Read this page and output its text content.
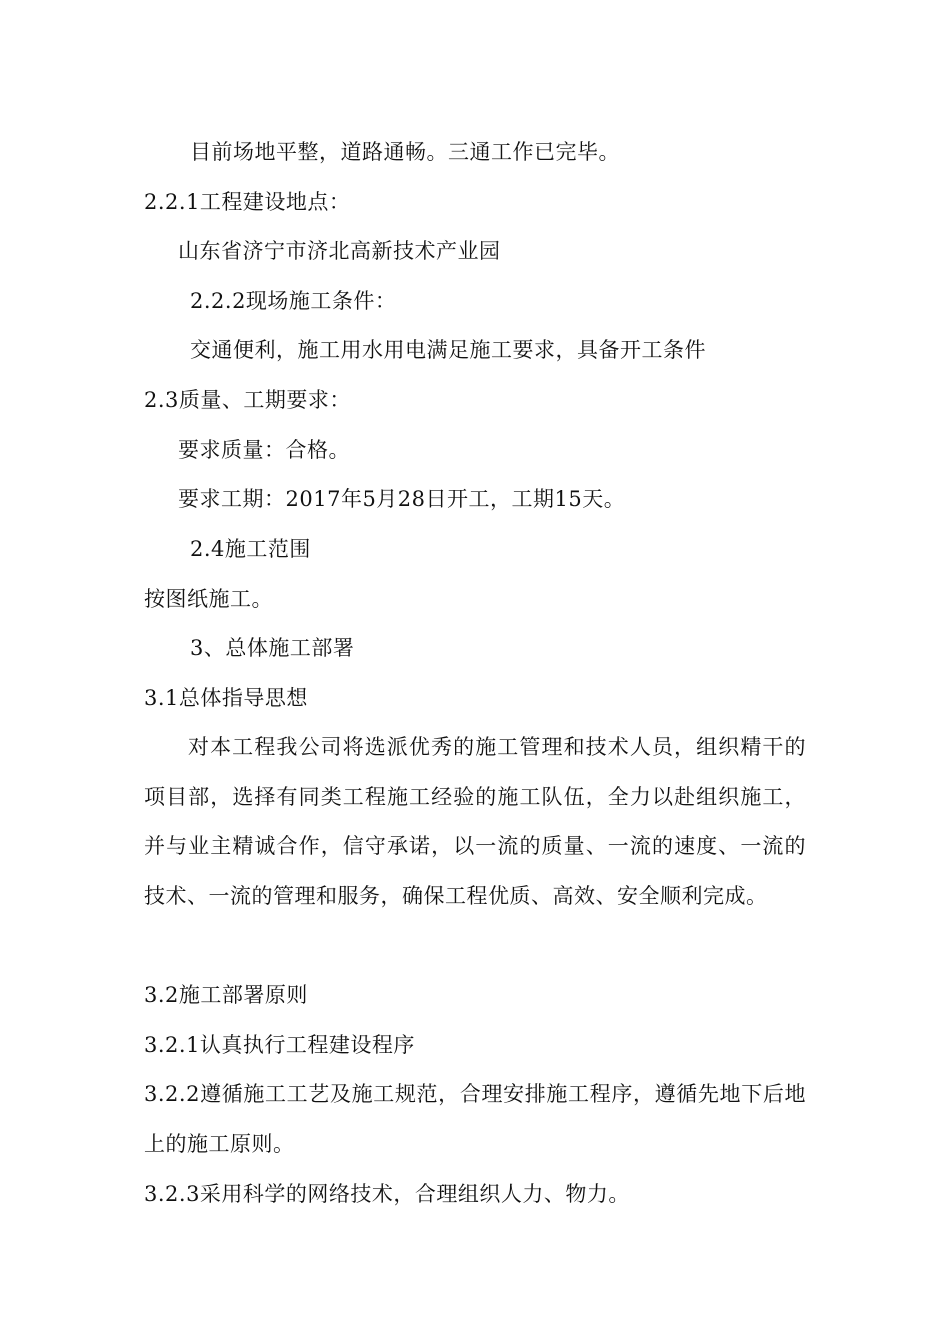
目前场地平整，道路通畅。三通工作已完毕。
2.2.1工程建设地点：
山东省济宁市济北高新技术产业园
2.2.2现场施工条件：
交通便利，施工用水用电满足施工要求，具备开工条件
2.3质量、工期要求：
要求质量：合格。
要求工期：2017年5月28日开工，工期15天。
2.4施工范围
按图纸施工。
3、总体施工部署
3.1总体指导思想
对本工程我公司将选派优秀的施工管理和技术人员，组织精干的项目部，选择有同类工程施工经验的施工队伍，全力以赴组织施工，并与业主精诚合作，信守承诺，以一流的质量、一流的速度、一流的技术、一流的管理和服务，确保工程优质、高效、安全顺利完成。
3.2施工部署原则
3.2.1认真执行工程建设程序
3.2.2遵循施工工艺及施工规范，合理安排施工程序，遵循先地下后地上的施工原则。
3.2.3采用科学的网络技术，合理组织人力、物力。
